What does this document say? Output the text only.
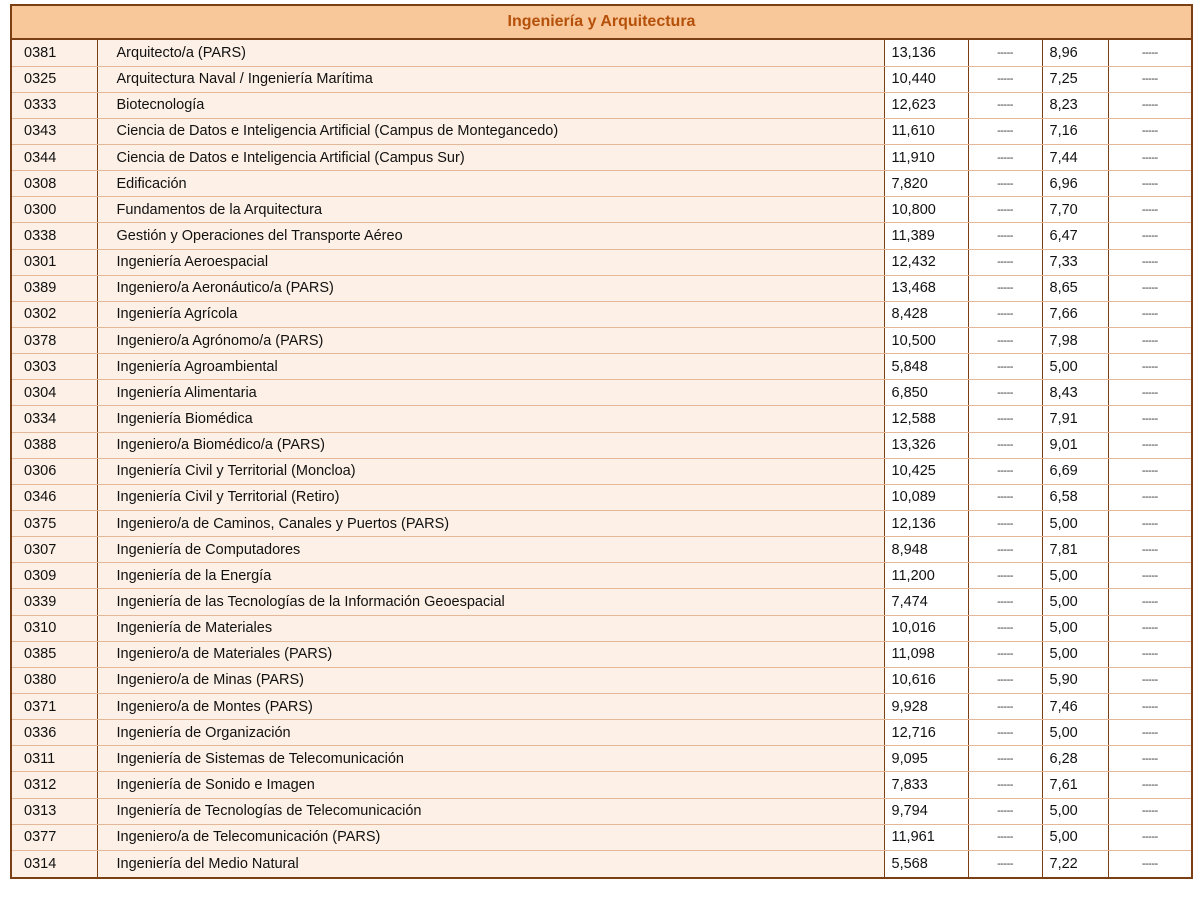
Ingeniería y Arquitectura
0381	Arquitecto/a (PARS)	13,136	-----	8,96	-----
0325	Arquitectura Naval / Ingeniería Marítima	10,440	-----	7,25	-----
0333	Biotecnología	12,623	-----	8,23	-----
0343	Ciencia de Datos e Inteligencia Artificial (Campus de Montegancedo)	11,610	-----	7,16	-----
0344	Ciencia de Datos e Inteligencia Artificial (Campus Sur)	11,910	-----	7,44	-----
0308	Edificación	7,820	-----	6,96	-----
0300	Fundamentos de la Arquitectura	10,800	-----	7,70	-----
0338	Gestión y Operaciones del Transporte Aéreo	11,389	-----	6,47	-----
0301	Ingeniería Aeroespacial	12,432	-----	7,33	-----
0389	Ingeniero/a Aeronáutico/a (PARS)	13,468	-----	8,65	-----
0302	Ingeniería Agrícola	8,428	-----	7,66	-----
0378	Ingeniero/a Agrónomo/a (PARS)	10,500	-----	7,98	-----
0303	Ingeniería Agroambiental	5,848	-----	5,00	-----
0304	Ingeniería Alimentaria	6,850	-----	8,43	-----
0334	Ingeniería Biomédica	12,588	-----	7,91	-----
0388	Ingeniero/a Biomédico/a (PARS)	13,326	-----	9,01	-----
0306	Ingeniería Civil y Territorial (Moncloa)	10,425	-----	6,69	-----
0346	Ingeniería Civil y Territorial (Retiro)	10,089	-----	6,58	-----
0375	Ingeniero/a de Caminos, Canales y Puertos (PARS)	12,136	-----	5,00	-----
0307	Ingeniería de Computadores	8,948	-----	7,81	-----
0309	Ingeniería de la Energía	11,200	-----	5,00	-----
0339	Ingeniería de las Tecnologías de la Información Geoespacial	7,474	-----	5,00	-----
0310	Ingeniería de Materiales	10,016	-----	5,00	-----
0385	Ingeniero/a de Materiales (PARS)	11,098	-----	5,00	-----
0380	Ingeniero/a de Minas (PARS)	10,616	-----	5,90	-----
0371	Ingeniero/a de Montes (PARS)	9,928	-----	7,46	-----
0336	Ingeniería de Organización	12,716	-----	5,00	-----
0311	Ingeniería de Sistemas de Telecomunicación	9,095	-----	6,28	-----
0312	Ingeniería de Sonido e Imagen	7,833	-----	7,61	-----
0313	Ingeniería de Tecnologías de Telecomunicación	9,794	-----	5,00	-----
0377	Ingeniero/a de Telecomunicación (PARS)	11,961	-----	5,00	-----
0314	Ingeniería del Medio Natural	5,568	-----	7,22	-----
